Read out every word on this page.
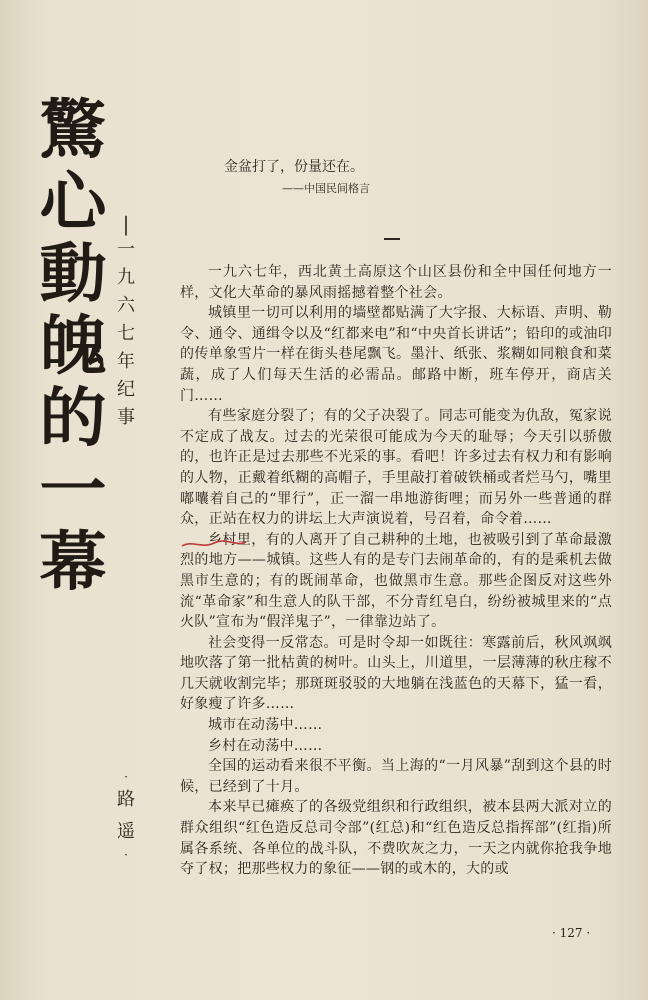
驚
心
動
魄
的
一
幕
|
一
九
六
七
年
纪
事
·
路
遥
·
金盆打了，份量还在。
——中国民间格言

一九六七年，西北黄土高原这个山区县份和全中国任何地方一样，文化大革命的暴风雨摇撼着整个社会。

城镇里一切可以利用的墙壁都贴满了大字报、大标语、声明、勒令、通令、通缉令以及“红都来电”和“中央首长讲话”；铅印的或油印的传单象雪片一样在街头巷尾飘飞。墨汁、纸张、浆糊如同粮食和菜蔬，成了人们每天生活的必需品。邮路中断，班车停开，商店关门……

有些家庭分裂了；有的父子决裂了。同志可能变为仇敌，冤家说不定成了战友。过去的光荣很可能成为今天的耻辱；今天引以骄傲的，也许正是过去那些不光采的事。看吧！许多过去有权力和有影响的人物，正戴着纸糊的高帽子，手里敲打着破铁桶或者烂马勺，嘴里嘟囔着自己的“罪行”，正一溜一串地游街哩；而另外一些普通的群众，正站在权力的讲坛上大声演说着，号召着，命令着……

乡村里，有的人离开了自己耕种的土地，也被吸引到了革命最激烈的地方——城镇。这些人有的是专门去闹革命的，有的是乘机去做黑市生意的；有的既闹革命，也做黑市生意。那些企图反对这些外流“革命家”和生意人的队干部，不分青红皂白，纷纷被城里来的“点火队”宣布为“假洋鬼子”，一律靠边站了。

社会变得一反常态。可是时令却一如既往：寒露前后，秋风飒飒地吹落了第一批枯黄的树叶。山头上，川道里，一层薄薄的秋庄稼不几天就收割完毕；那斑斑驳驳的大地躺在浅蓝色的天幕下，猛一看，好象瘦了许多……

城市在动荡中……

乡村在动荡中……

全国的运动看来很不平衡。当上海的“一月风暴”刮到这个县的时候，已经到了十月。

本来早已瘫痪了的各级党组织和行政组织，被本县两大派对立的群众组织“红色造反总司令部”(红总)和“红色造反总指挥部”(红指)所属各系统、各单位的战斗队，不费吹灰之力，一天之内就你抢我争地夺了权；把那些权力的象征——钢的或木的，大的或

· 127 ·
